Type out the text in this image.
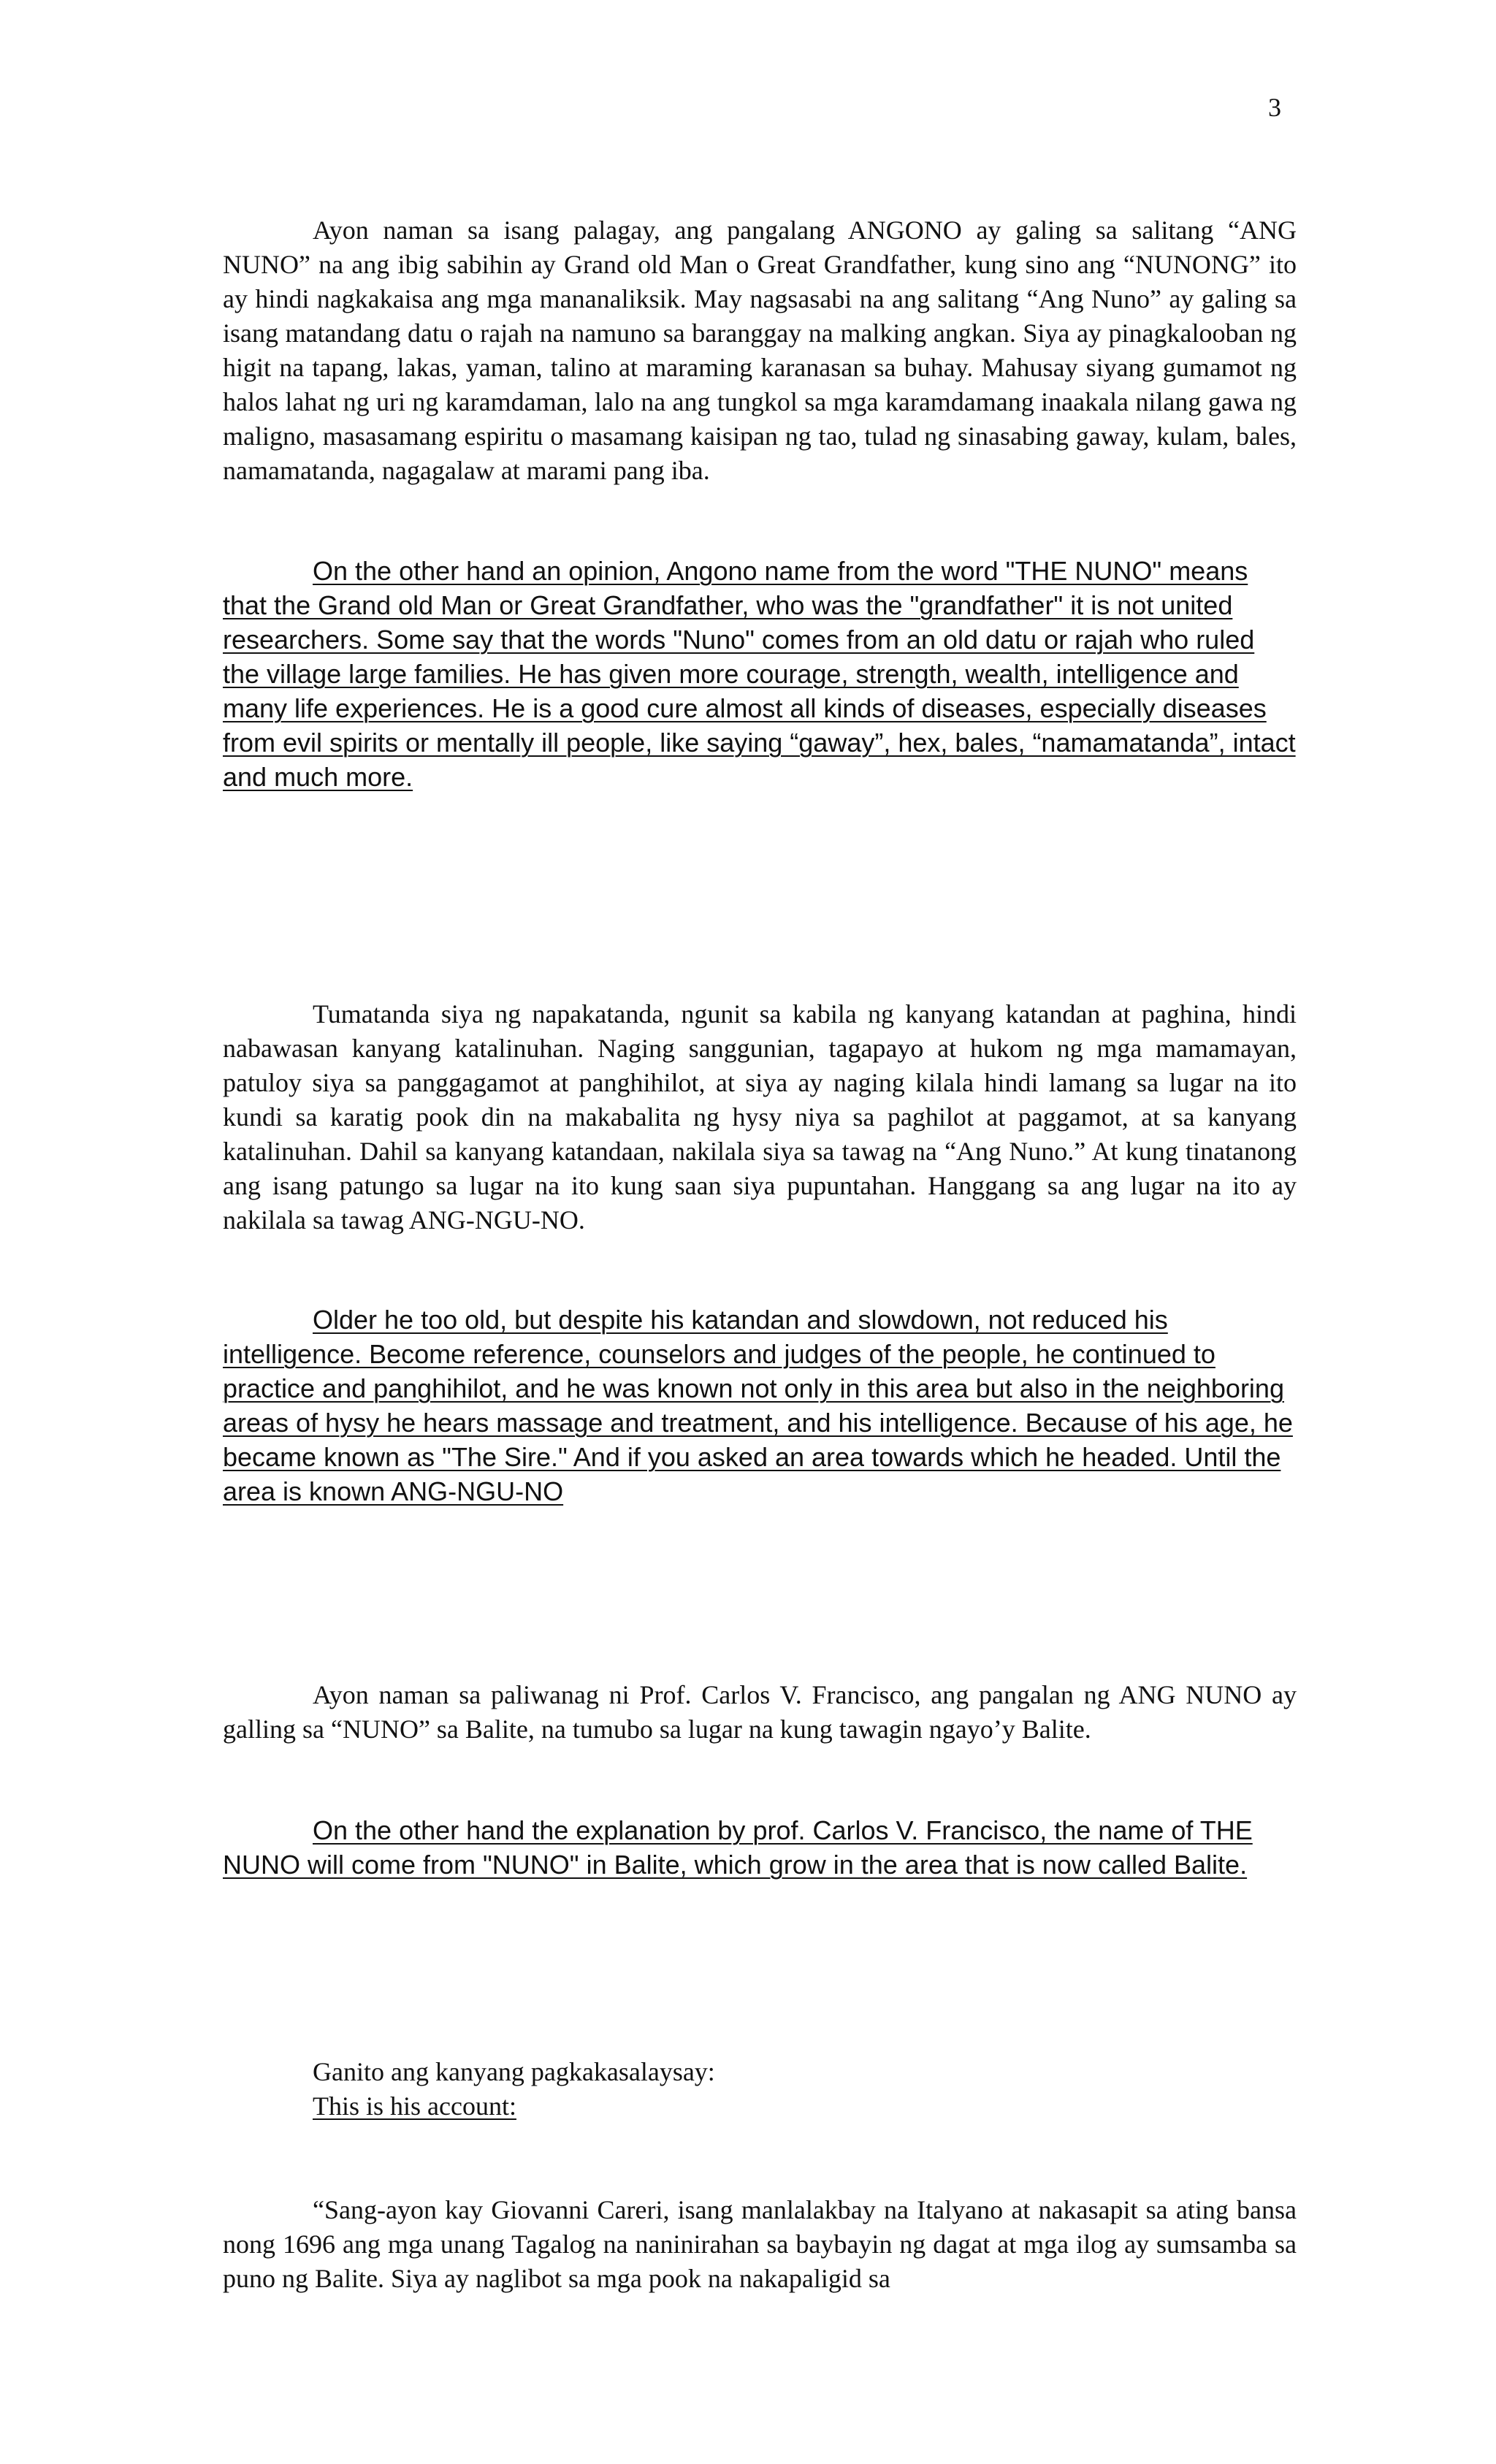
3

Ayon naman sa isang palagay, ang pangalang ANGONO ay galing sa salitang “ANG NUNO” na ang ibig sabihin ay Grand old Man o Great Grandfather, kung sino ang “NUNONG” ito ay hindi nagkakaisa ang mga mananaliksik. May nagsasabi na ang salitang “Ang Nuno” ay galing sa isang matandang datu o rajah na namuno sa baranggay na malking angkan. Siya ay pinagkalooban ng higit na tapang, lakas, yaman, talino at maraming karanasan sa buhay. Mahusay siyang gumamot ng halos lahat ng uri ng karamdaman, lalo na ang tungkol sa mga karamdamang inaakala nilang gawa ng maligno, masasamang espiritu o masamang kaisipan ng tao, tulad ng sinasabing gaway, kulam, bales, namamatanda, nagagalaw at marami pang iba.

On the other hand an opinion, Angono name from the word "THE NUNO" means that the Grand old Man or Great Grandfather, who was the "grandfather" it is not united researchers. Some say that the words "Nuno" comes from an old datu or rajah who ruled the village large families. He has given more courage, strength, wealth, intelligence and many life experiences. He is a good cure almost all kinds of diseases, especially diseases from evil spirits or mentally ill people, like saying “gaway”, hex, bales, “namamatanda”, intact and much more.

Tumatanda siya ng napakatanda, ngunit sa kabila ng kanyang katandan at paghina, hindi nabawasan kanyang katalinuhan. Naging sanggunian, tagapayo at hukom ng mga mamamayan, patuloy siya sa panggagamot at panghihilot, at siya ay naging kilala hindi lamang sa lugar na ito kundi sa karatig pook din na makabalita ng hysy niya sa paghilot at paggamot, at sa kanyang katalinuhan. Dahil sa kanyang katandaan, nakilala siya sa tawag na “Ang Nuno.” At kung tinatanong ang isang patungo sa lugar na ito kung saan siya pupuntahan. Hanggang sa ang lugar na ito ay nakilala sa tawag ANG-NGU-NO.

Older he too old, but despite his katandan and slowdown, not reduced his intelligence. Become reference, counselors and judges of the people, he continued to practice and panghihilot, and he was known not only in this area but also in the neighboring areas of hysy he hears massage and treatment, and his intelligence. Because of his age, he became known as "The Sire." And if you asked an area towards which he headed. Until the area is known ANG-NGU-NO

Ayon naman sa paliwanag ni Prof. Carlos V. Francisco, ang pangalan ng ANG NUNO ay galling sa “NUNO” sa Balite, na tumubo sa lugar na kung tawagin ngayo’y Balite.

On the other hand the explanation by prof. Carlos V. Francisco, the name of THE NUNO will come from "NUNO" in Balite, which grow in the area that is now called Balite.

Ganito ang kanyang pagkakasalaysay:
This is his account:

“Sang-ayon kay Giovanni Careri, isang manlalakbay na Italyano at nakasapit sa ating bansa nong 1696 ang mga unang Tagalog na naninirahan sa baybayin ng dagat at mga ilog ay sumsamba sa puno ng Balite. Siya ay naglibot sa mga pook na nakapaligid sa
